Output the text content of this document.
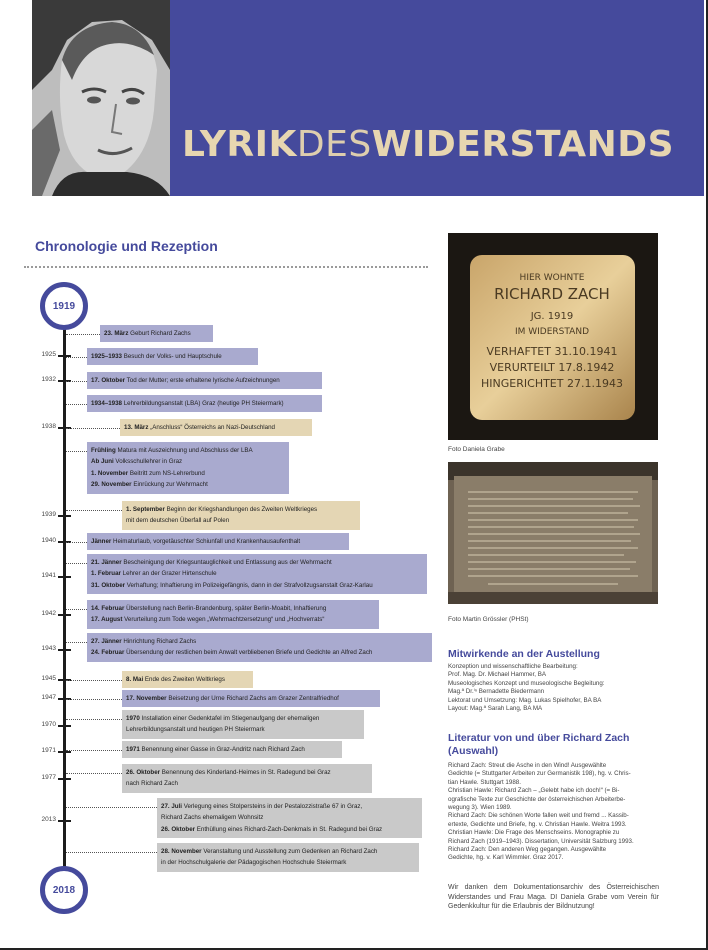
LYRIKDESWIDERSTANDS
Chronologie und Rezeption
1919
2018
1925
1932
1938
1939
1940
1941
1942
1943
1945
1947
1970
1971
1977
2013
23. März Geburt Richard Zachs
1925–1933 Besuch der Volks- und Hauptschule
17. Oktober Tod der Mutter; erste erhaltene lyrische Aufzeichnungen
1934–1938 Lehrerbildungsanstalt (LBA) Graz (heutige PH Steiermark)
13. März „Anschluss“ Österreichs an Nazi-Deutschland
Frühling Matura mit Auszeichnung und Abschluss der LBA
Ab Juni Volksschullehrer in Graz
1. November Beitritt zum NS-Lehrerbund
29. November Einrückung zur Wehrmacht
1. September Beginn der Kriegshandlungen des Zweiten Weltkrieges
mit dem deutschen Überfall auf Polen
Jänner Heimaturlaub, vorgetäuschter Schiunfall und Krankenhausaufenthalt
21. Jänner Bescheinigung der Kriegsuntauglichkeit und Entlassung aus der Wehrmacht
1. Februar Lehrer an der Grazer Hirtenschule
31. Oktober Verhaftung; Inhaftierung im Polizeigefängnis, dann in der Strafvollzugsanstalt Graz-Karlau
14. Februar Überstellung nach Berlin-Brandenburg, später Berlin-Moabit, Inhaftierung
17. August Verurteilung zum Tode wegen „Wehrmachtzersetzung“ und „Hochverrats“
27. Jänner Hinrichtung Richard Zachs
24. Februar Übersendung der restlichen beim Anwalt verbliebenen Briefe und Gedichte an Alfred Zach
8. Mai Ende des Zweiten Weltkriegs
17. November Beisetzung der Urne Richard Zachs am Grazer Zentralfriedhof
1970 Installation einer Gedenktafel im Stiegenaufgang der ehemaligen
Lehrerbildungsanstalt und heutigen PH Steiermark
1971 Benennung einer Gasse in Graz-Andritz nach Richard Zach
26. Oktober Benennung des Kinderland-Heimes in St. Radegund bei Graz
nach Richard Zach
27. Juli Verlegung eines Stolpersteins in der Pestalozzistraße 67 in Graz,
Richard Zachs ehemaligem Wohnsitz
26. Oktober Enthüllung eines Richard-Zach-Denkmals in St. Radegund bei Graz
28. November Veranstaltung und Ausstellung zum Gedenken an Richard Zach
in der Hochschulgalerie der Pädagogischen Hochschule Steiermark
HIER WOHNTE
RICHARD ZACH
JG. 1919
IM WIDERSTAND
VERHAFTET 31.10.1941
VERURTEILT 17.8.1942
HINGERICHTET 27.1.1943
Foto Daniela Grabe
Foto Martin Grössler (PHSt)
Mitwirkende an der Austellung
Konzeption und wissenschaftliche Bearbeitung:
Prof. Mag. Dr. Michael Hammer, BA
Museologisches Konzept und museologische Begleitung:
Mag.ª Dr.ⁱⁿ Bernadette Biedermann
Lektorat und Umsetzung: Mag. Lukas Spielhofer, BA BA
Layout: Mag.ª Sarah Lang, BA MA
Literatur von und über Richard Zach
(Auswahl)
Richard Zach: Streut die Asche in den Wind! Ausgewählte
Gedichte (= Stuttgarter Arbeiten zur Germanistik 198), hg. v. Chris-
tian Hawle. Stuttgart 1988.
Christian Hawle: Richard Zach – „Gelebt habe ich doch!“ (= Bi-
ografische Texte zur Geschichte der österreichischen Arbeiterbe-
wegung 3). Wien 1989.
Richard Zach: Die schönen Worte fallen weit und fremd ... Kassib-
ertexte, Gedichte und Briefe, hg. v. Christian Hawle. Weitra 1993.
Christian Hawle: Die Frage des Menschseins. Monographie zu
Richard Zach (1919–1943). Dissertation, Universität Salzburg 1993.
Richard Zach: Den anderen Weg gegangen. Ausgewählte
Gedichte, hg. v. Karl Wimmler. Graz 2017.
Wir danken dem Dokumentationsarchiv des Österreichischen Widerstandes und Frau Maga. DI Daniela Grabe vom Verein für Gedenkkultur für die Erlaubnis der Bildnutzung!
